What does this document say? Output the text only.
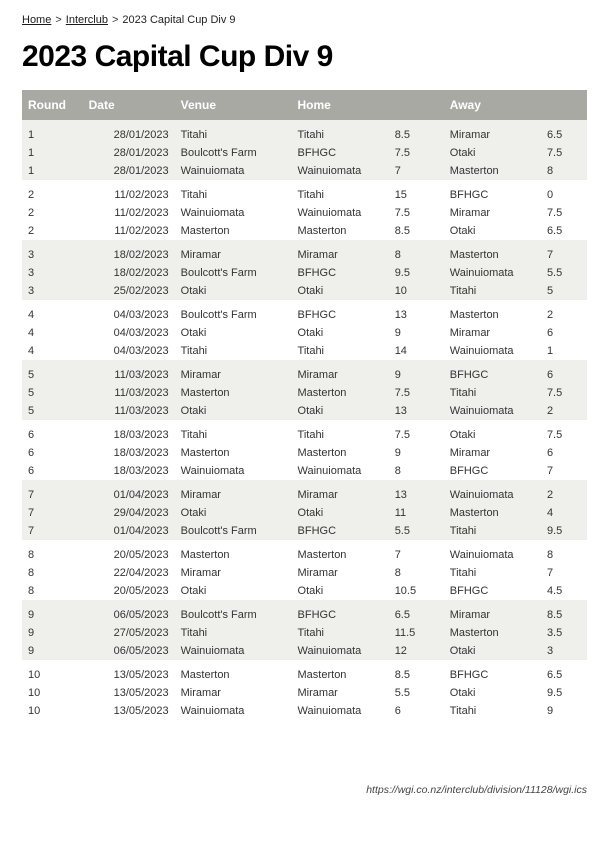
Home > Interclub > 2023 Capital Cup Div 9
2023 Capital Cup Div 9
Round	Date	Venue	Home		Away	
1	28/01/2023	Titahi	Titahi	8.5	Miramar	6.5
1	28/01/2023	Boulcott's Farm	BFHGC	7.5	Otaki	7.5
1	28/01/2023	Wainuiomata	Wainuiomata	7	Masterton	8
2	11/02/2023	Titahi	Titahi	15	BFHGC	0
2	11/02/2023	Wainuiomata	Wainuiomata	7.5	Miramar	7.5
2	11/02/2023	Masterton	Masterton	8.5	Otaki	6.5
3	18/02/2023	Miramar	Miramar	8	Masterton	7
3	18/02/2023	Boulcott's Farm	BFHGC	9.5	Wainuiomata	5.5
3	25/02/2023	Otaki	Otaki	10	Titahi	5
4	04/03/2023	Boulcott's Farm	BFHGC	13	Masterton	2
4	04/03/2023	Otaki	Otaki	9	Miramar	6
4	04/03/2023	Titahi	Titahi	14	Wainuiomata	1
5	11/03/2023	Miramar	Miramar	9	BFHGC	6
5	11/03/2023	Masterton	Masterton	7.5	Titahi	7.5
5	11/03/2023	Otaki	Otaki	13	Wainuiomata	2
6	18/03/2023	Titahi	Titahi	7.5	Otaki	7.5
6	18/03/2023	Masterton	Masterton	9	Miramar	6
6	18/03/2023	Wainuiomata	Wainuiomata	8	BFHGC	7
7	01/04/2023	Miramar	Miramar	13	Wainuiomata	2
7	29/04/2023	Otaki	Otaki	11	Masterton	4
7	01/04/2023	Boulcott's Farm	BFHGC	5.5	Titahi	9.5
8	20/05/2023	Masterton	Masterton	7	Wainuiomata	8
8	22/04/2023	Miramar	Miramar	8	Titahi	7
8	20/05/2023	Otaki	Otaki	10.5	BFHGC	4.5
9	06/05/2023	Boulcott's Farm	BFHGC	6.5	Miramar	8.5
9	27/05/2023	Titahi	Titahi	11.5	Masterton	3.5
9	06/05/2023	Wainuiomata	Wainuiomata	12	Otaki	3
10	13/05/2023	Masterton	Masterton	8.5	BFHGC	6.5
10	13/05/2023	Miramar	Miramar	5.5	Otaki	9.5
10	13/05/2023	Wainuiomata	Wainuiomata	6	Titahi	9
https://wgi.co.nz/interclub/division/11128/wgi.ics
